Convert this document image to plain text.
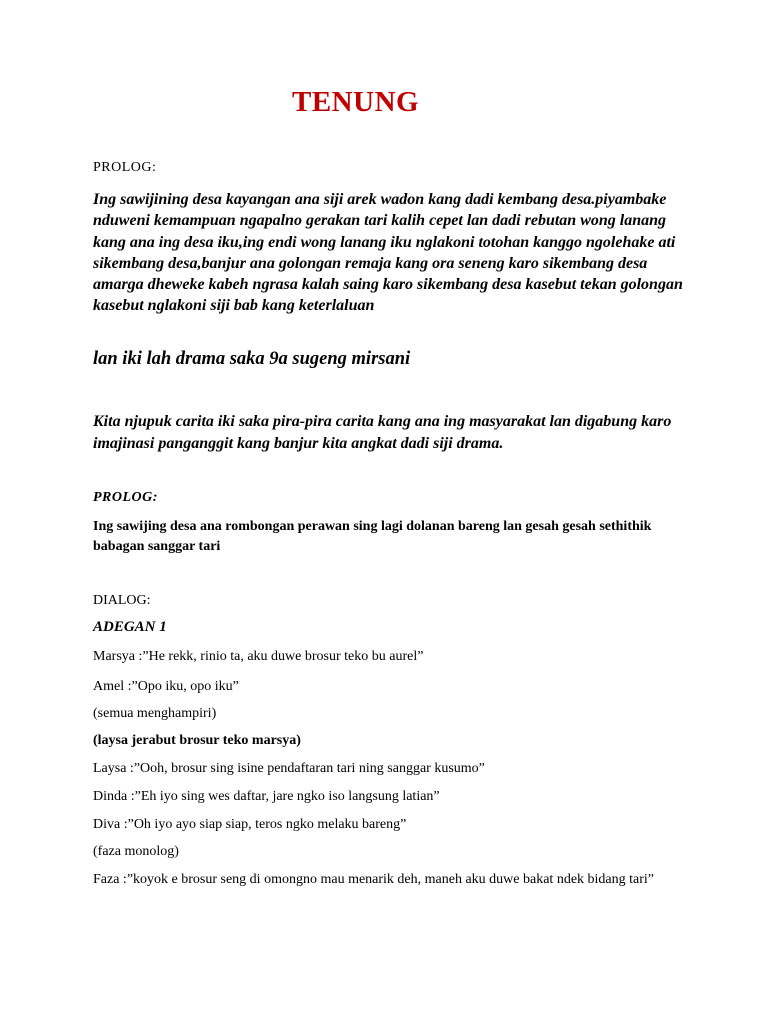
TENUNG
PROLOG:

Ing sawijining desa kayangan ana siji arek wadon kang dadi kembang desa.piyambake nduweni kemampuan ngapalno gerakan tari kalih cepet lan dadi rebutan wong lanang kang ana ing desa iku,ing endi wong lanang iku nglakoni totohan kanggo ngolehake ati sikembang desa,banjur ana golongan remaja kang ora seneng karo sikembang desa amarga dheweke kabeh ngrasa kalah saing karo sikembang desa kasebut tekan golongan kasebut nglakoni siji bab kang keterlaluan

lan iki lah drama saka 9a sugeng mirsani

Kita njupuk carita iki saka pira-pira carita kang ana ing masyarakat lan digabung karo imajinasi panganggit kang banjur kita angkat dadi siji drama.

PROLOG:

Ing sawijing desa ana rombongan perawan sing lagi dolanan bareng lan gesah gesah sethithik babagan sanggar tari

DIALOG:
ADEGAN 1

Marsya :”He rekk, rinio ta, aku duwe brosur teko bu aurel”

Amel :”Opo iku, opo iku”

(semua menghampiri)

(laysa jerabut brosur teko marsya)

Laysa :”Ooh, brosur sing isine pendaftaran tari ning sanggar kusumo”

Dinda :”Eh iyo sing wes daftar, jare ngko iso langsung latian”

Diva :”Oh iyo ayo siap siap, teros ngko melaku bareng”

(faza monolog)

Faza :”koyok e brosur seng di omongno mau menarik deh, maneh aku duwe bakat ndek bidang tari”
